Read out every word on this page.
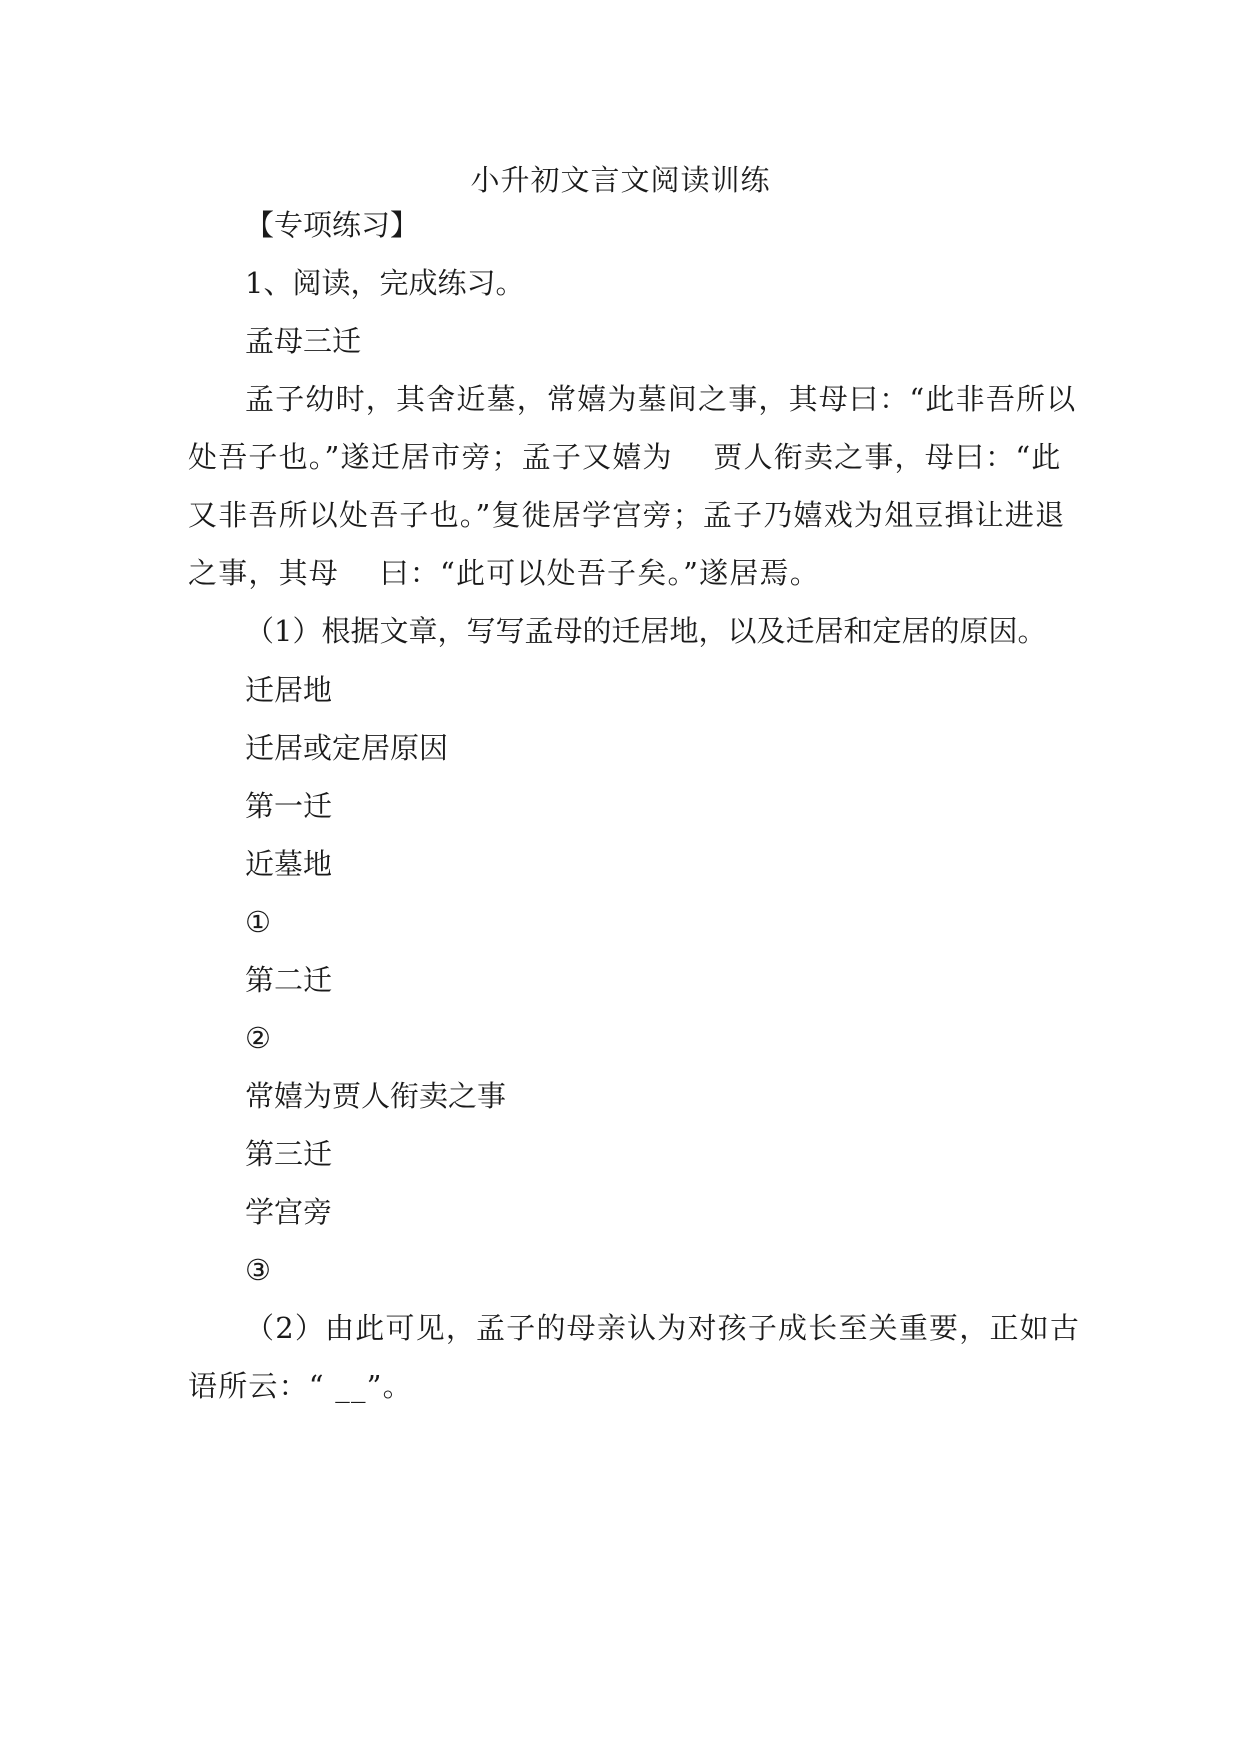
小升初文言文阅读训练
【专项练习】
1、阅读，完成练习。
孟母三迁
孟子幼时，其舍近墓，常嬉为墓间之事，其母曰：“此非吾所以
处吾子也。”遂迁居市旁；孟子又嬉为　 贾人衔卖之事，母曰：“此
又非吾所以处吾子也。”复徙居学宫旁；孟子乃嬉戏为俎豆揖让进退
之事，其母　 曰：“此可以处吾子矣。”遂居焉。
（1）根据文章，写写孟母的迁居地，以及迁居和定居的原因。
迁居地
迁居或定居原因
第一迁
近墓地
①
第二迁
②
常嬉为贾人衔卖之事
第三迁
学宫旁
③
（2）由此可见，孟子的母亲认为对孩子成长至关重要，正如古
语所云：“ __”。
